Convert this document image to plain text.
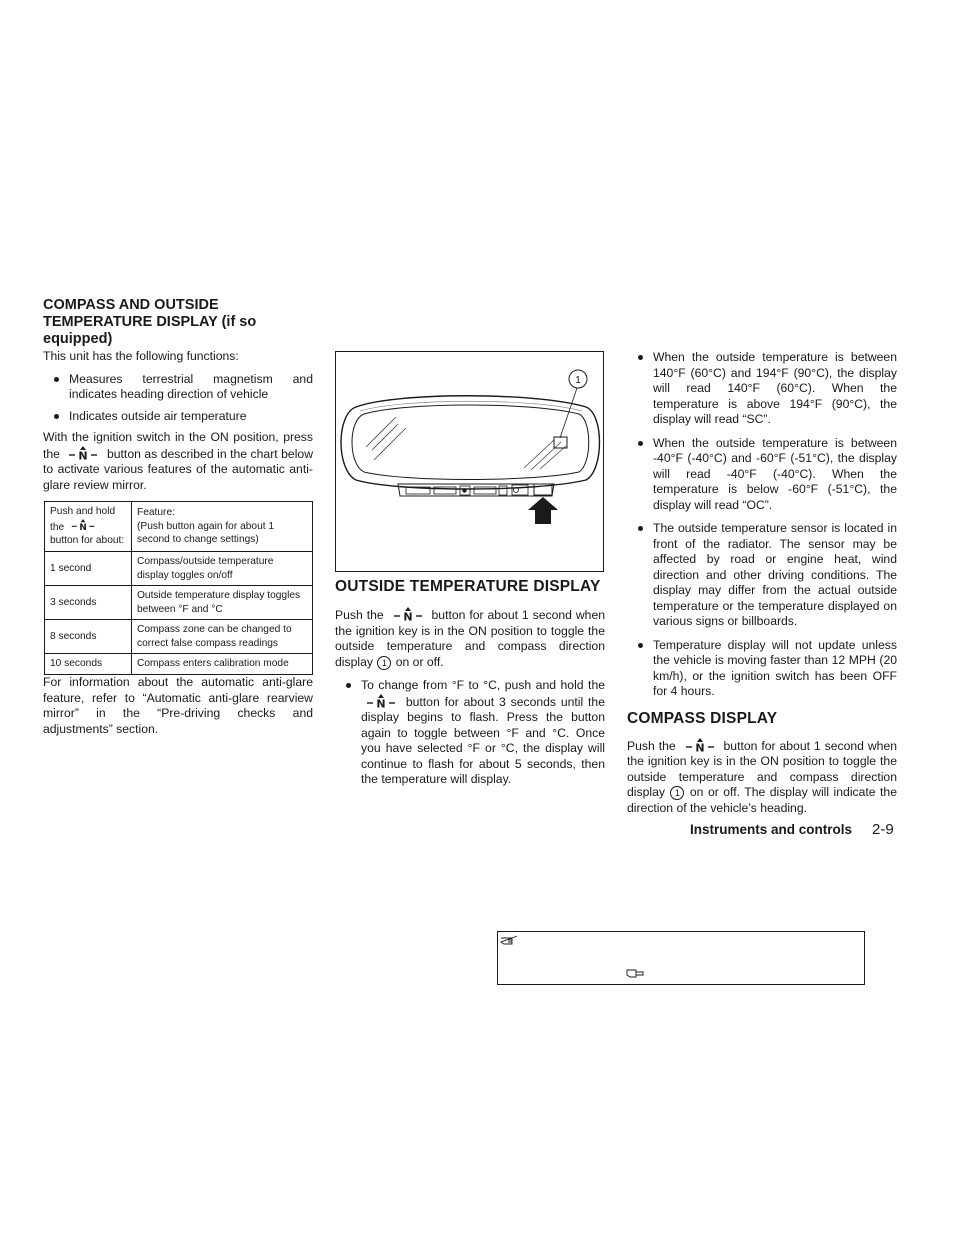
COMPASS AND OUTSIDE TEMPERATURE DISPLAY (if so equipped)

This unit has the following functions:

Measures terrestrial magnetism and indicates heading direction of vehicle

Indicates outside air temperature

With the ignition switch in the ON position, press the	button as described in the chart below to activate various features of the automatic anti-glare review mirror.

Push and hold the
button for about:	Feature:
(Push button again for about 1 second to change settings)
1 second	Compass/outside temperature display toggles on/off
3 seconds	Outside temperature display toggles between °F and °C
8 seconds	Compass zone can be changed to correct false compass readings
10 seconds	Compass enters calibration mode

For information about the automatic anti-glare feature, refer to “Automatic anti-glare rearview mirror” in the “Pre-driving checks and adjustments” section.

1
OUTSIDE TEMPERATURE DISPLAY

Push the	button for about 1 second when the ignition key is in the ON position to toggle the outside temperature and compass direction display 1 on or off.

To change from °F to °C, push and hold the  button for about 3 seconds until the display begins to flash. Press the button again to toggle between °F and °C. Once you have selected °F or °C, the display will continue to flash for about 5 seconds, then the temperature will display.

When the outside temperature is between 140°F (60°C) and 194°F (90°C), the display will read 140°F (60°C). When the temperature is above 194°F (90°C), the display will read “SC”.

When the outside temperature is between -40°F (-40°C) and -60°F (-51°C), the display will read -40°F (-40°C). When the temperature is below -60°F (-51°C), the display will read “OC”.

The outside temperature sensor is located in front of the radiator. The sensor may be affected by road or engine heat, wind direction and other driving conditions. The display may differ from the actual outside temperature or the temperature displayed on various signs or billboards.

Temperature display will not update unless the vehicle is moving faster than 12 MPH (20 km/h), or the ignition switch has been OFF for 4 hours.

COMPASS DISPLAY

Push the	button for about 1 second when the ignition key is in the ON position to toggle the outside temperature and compass direction display 1 on or off. The display will indicate the direction of the vehicle’s heading.

Instruments and controls 2-9
